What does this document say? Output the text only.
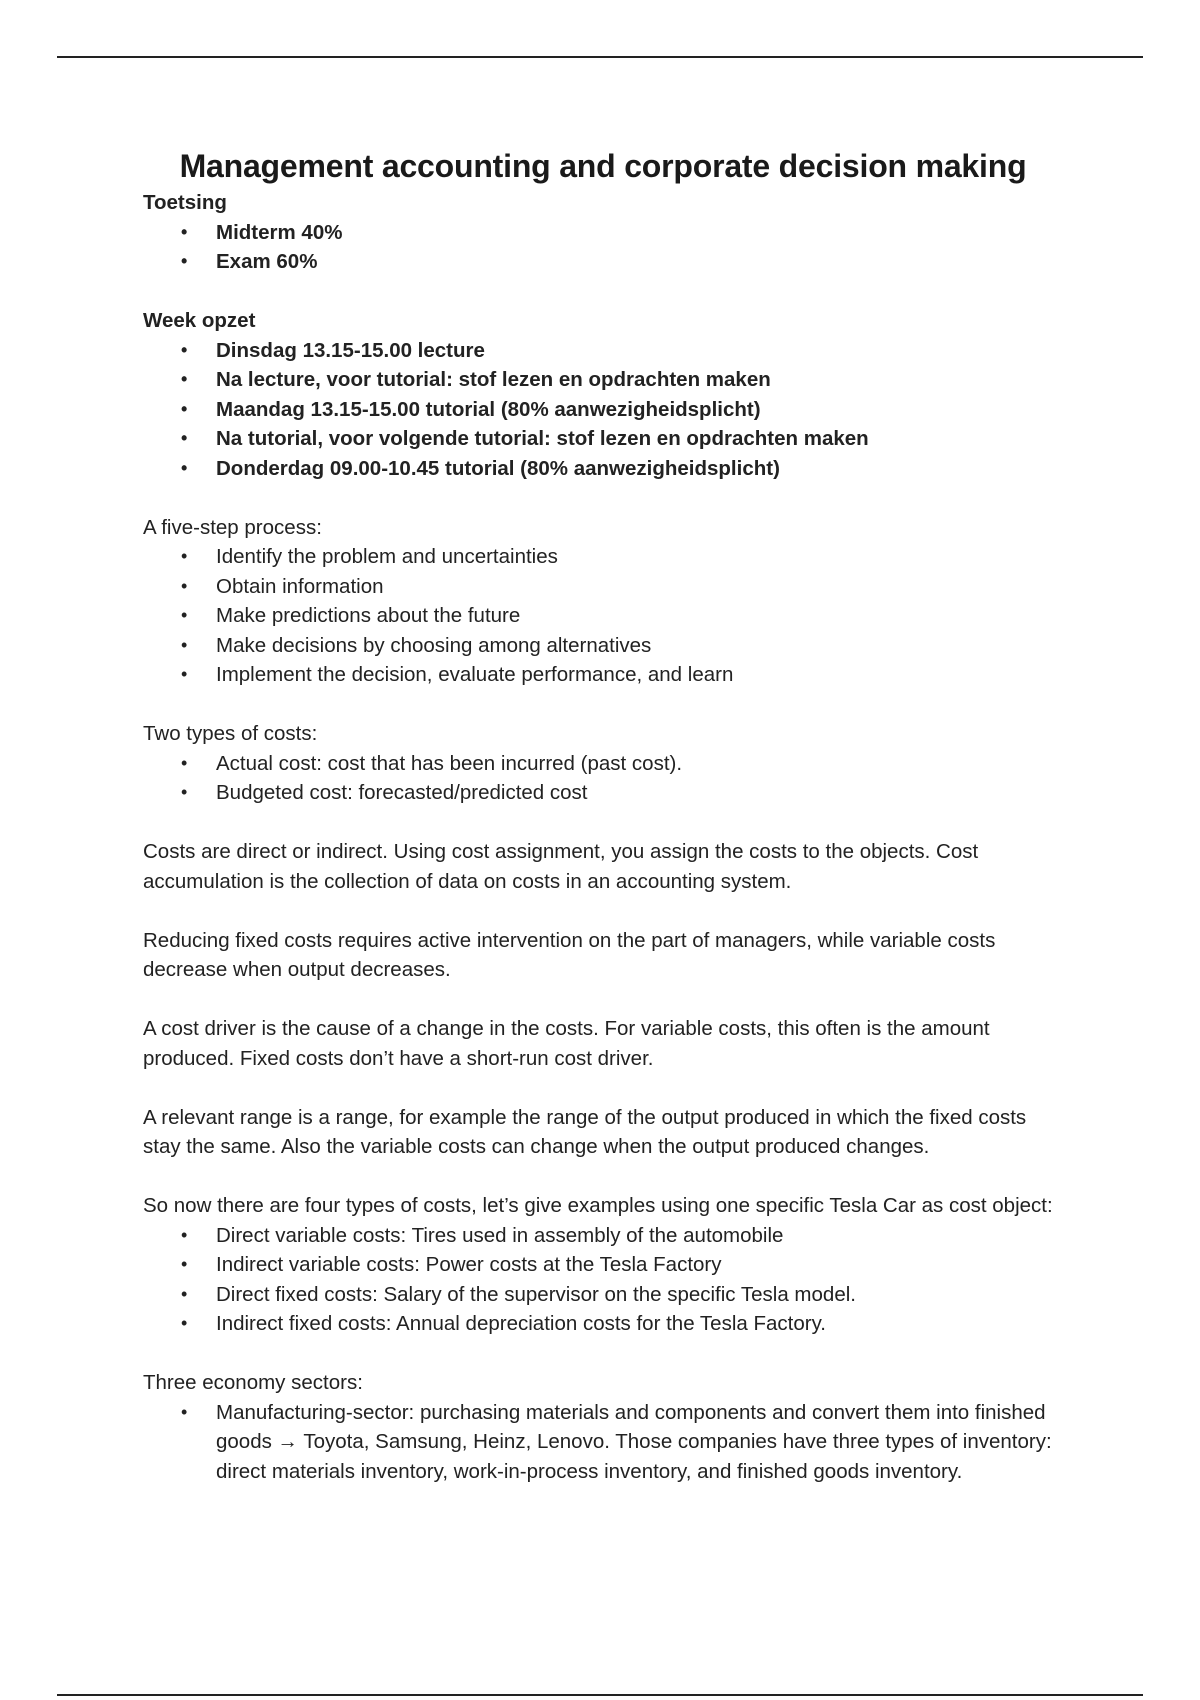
Management accounting and corporate decision making

Toetsing

• Midterm 40%
• Exam 60%

Week opzet

• Dinsdag 13.15-15.00 lecture
• Na lecture, voor tutorial: stof lezen en opdrachten maken
• Maandag 13.15-15.00 tutorial (80% aanwezigheidsplicht)
• Na tutorial, voor volgende tutorial: stof lezen en opdrachten maken
• Donderdag 09.00-10.45 tutorial (80% aanwezigheidsplicht)

A five-step process:

• Identify the problem and uncertainties
• Obtain information
• Make predictions about the future
• Make decisions by choosing among alternatives
• Implement the decision, evaluate performance, and learn

Two types of costs:

• Actual cost: cost that has been incurred (past cost).
• Budgeted cost: forecasted/predicted cost

Costs are direct or indirect. Using cost assignment, you assign the costs to the objects. Cost accumulation is the collection of data on costs in an accounting system.

Reducing fixed costs requires active intervention on the part of managers, while variable costs decrease when output decreases.

A cost driver is the cause of a change in the costs. For variable costs, this often is the amount produced. Fixed costs don’t have a short-run cost driver.

A relevant range is a range, for example the range of the output produced in which the fixed costs stay the same. Also the variable costs can change when the output produced changes.

So now there are four types of costs, let’s give examples using one specific Tesla Car as cost object:

• Direct variable costs: Tires used in assembly of the automobile
• Indirect variable costs: Power costs at the Tesla Factory
• Direct fixed costs: Salary of the supervisor on the specific Tesla model.
• Indirect fixed costs: Annual depreciation costs for the Tesla Factory.

Three economy sectors:

• Manufacturing-sector: purchasing materials and components and convert them into finished goods → Toyota, Samsung, Heinz, Lenovo. Those companies have three types of inventory: direct materials inventory, work-in-process inventory, and finished goods inventory.
